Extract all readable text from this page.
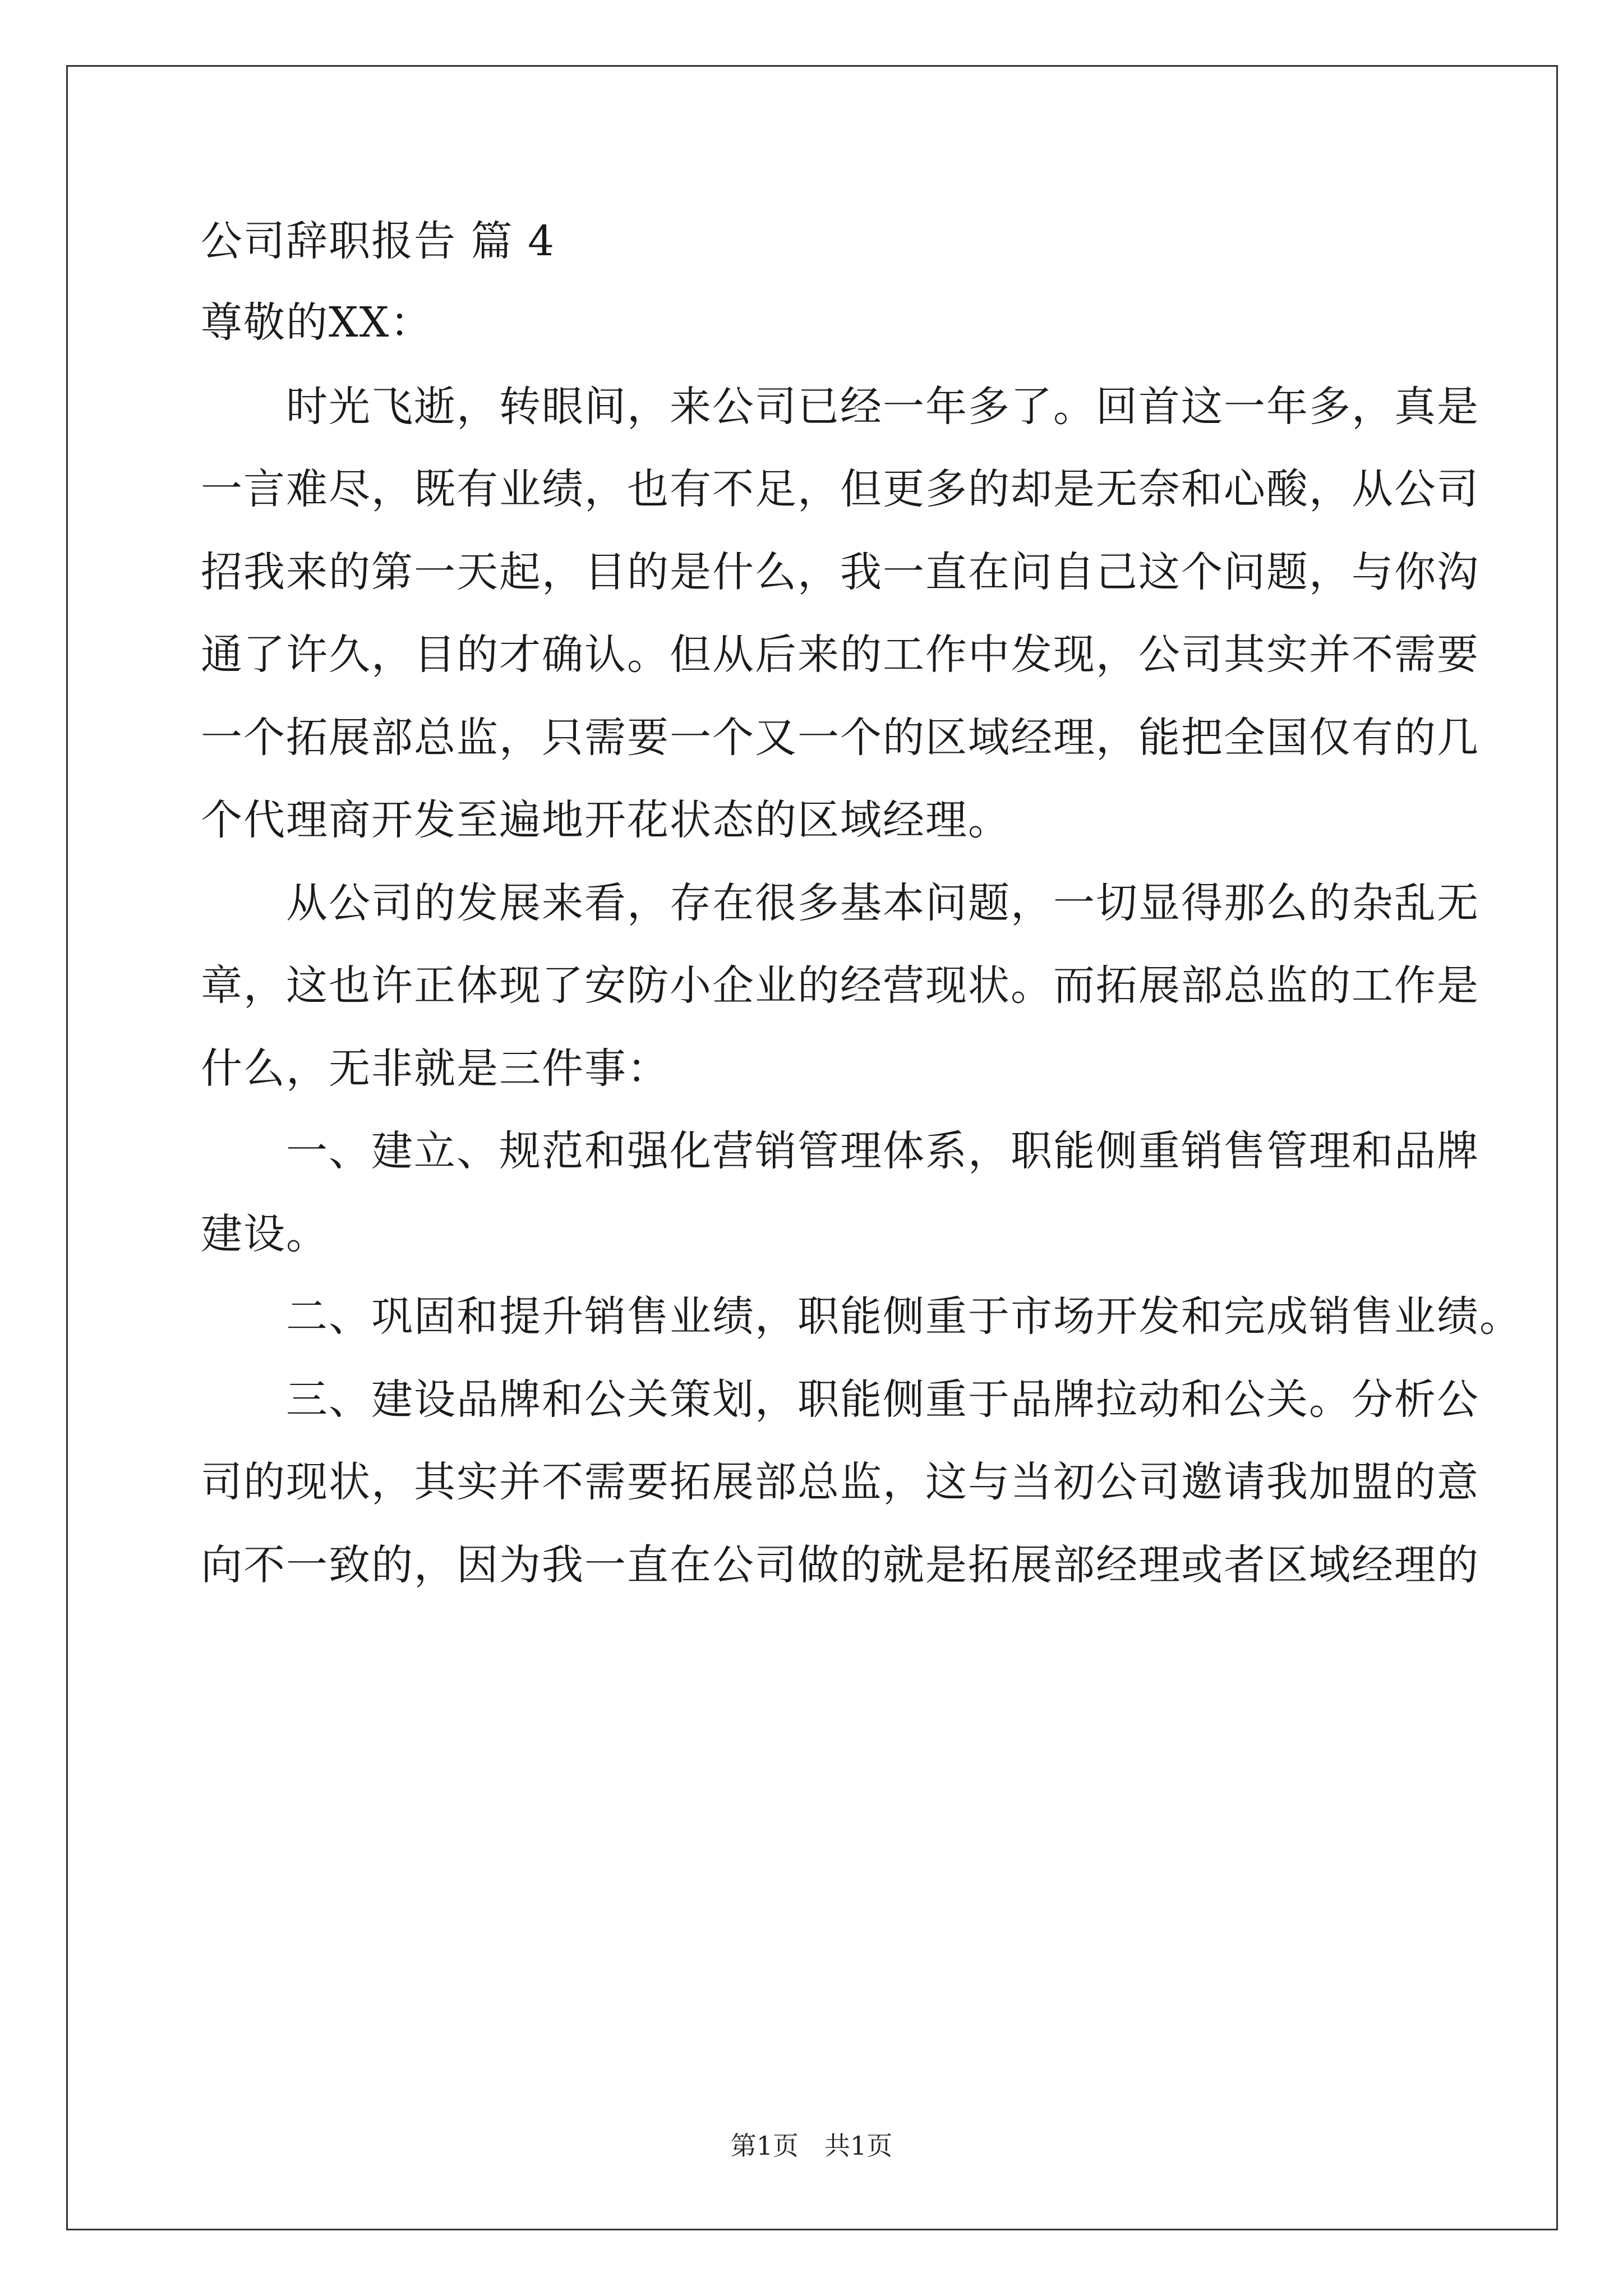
公司辞职报告 篇 4
尊敬的XX：
　　时光飞逝，转眼间，来公司已经一年多了。回首这一年多，真是
一言难尽，既有业绩，也有不足，但更多的却是无奈和心酸，从公司
招我来的第一天起，目的是什么，我一直在问自己这个问题，与你沟
通了许久，目的才确认。但从后来的工作中发现，公司其实并不需要
一个拓展部总监，只需要一个又一个的区域经理，能把全国仅有的几
个代理商开发至遍地开花状态的区域经理。
　　从公司的发展来看，存在很多基本问题，一切显得那么的杂乱无
章，这也许正体现了安防小企业的经营现状。而拓展部总监的工作是
什么，无非就是三件事：
　　一、建立、规范和强化营销管理体系，职能侧重销售管理和品牌
建设。
　　二、巩固和提升销售业绩，职能侧重于市场开发和完成销售业绩。
　　三、建设品牌和公关策划，职能侧重于品牌拉动和公关。分析公
司的现状，其实并不需要拓展部总监，这与当初公司邀请我加盟的意
向不一致的，因为我一直在公司做的就是拓展部经理或者区域经理的
第1页　共1页
